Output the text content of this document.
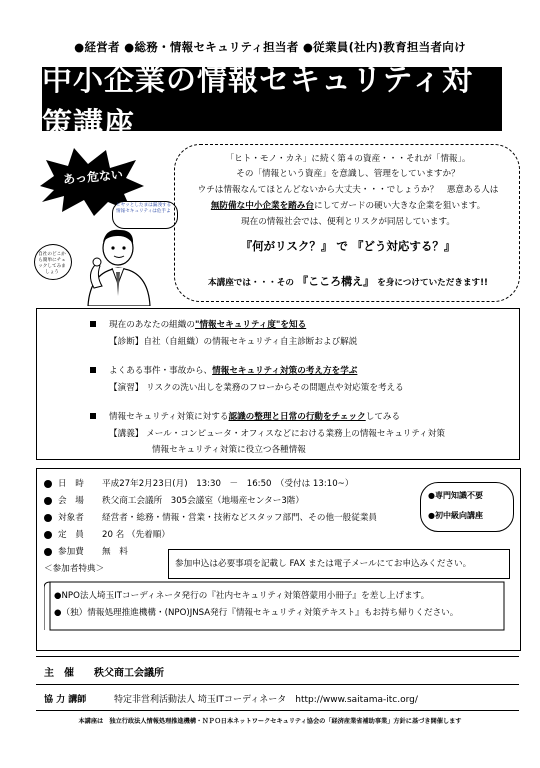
●経営者 ●総務・情報セキュリティ担当者 ●従業員(社内)教育担当者向け
中小企業の情報セキュリティ対策講座
あっ危ない
ヒヤッとしたまは漏洩する情報セキュリティは危手よ
自社のどこから簡単にチェックしてみましょう
「ヒト・モノ・カネ」に続く第４の資産・・・それが「情報」。
その「情報という資産」を意識し、管理をしていますか？
ウチは情報なんてほとんどないから大丈夫・・・でしょうか？　悪意ある人は
無防備な中小企業を踏み台にしてガードの硬い大きな企業を狙います。
現在の情報社会では、便利とリスクが同居しています。
『何がリスク？』 で 『どう対応する？』
本講座では・・・その　 『こころ構え』　 を身につけていただきます!!
現在のあなたの組織の"情報セキュリティ度"を知る
【診断】自社（自組織）の情報セキュリティ自主診断および解説
よくある事件・事故から、情報セキュリティ対策の考え方を学ぶ
【演習】 リスクの洗い出しを業務のフローからその問題点や対応策を考える
情報セキュリティ対策に対する認識の整理と日常の行動をチェックしてみる
【講義】 メール・コンピュータ・オフィスなどにおける業務上の情報セキュリティ対策
情報セキュリティ対策に役立つ各種情報
日　時 平成27年2月23日(月)　13:30　－　16:50　（受付は 13:10~）
会　場 秩父商工会議所　305会議室（地場産センター3階）
対象者 経営者・総務・情報・営業・技術などスタッフ部門、その他一般従業員
定　員 20 名 （先着順）
参加費 無　料
＜参加者特典＞
●専門知識不要
●初中級向講座
参加申込は必要事項を記載し FAX または電子メールにてお申込みください。
●NPO法人埼玉ITコーディネータ発行の『社内セキュリティ対策啓蒙用小冊子』を差し上げます。
●（独）情報処理推進機構・(NPO)JNSA発行『情報セキュリティ対策テキスト』もお持ち帰りください。
主　催 秩父商工会議所
協 力 講師	特定非営利活動法人 埼玉ITコーディネータ　http://www.saitama-itc.org/
本講座は　独立行政法人情報処理推進機構・ＮＰＯ日本ネットワークセキュリティ協会の「経済産業省補助事業」方針に基づき開催します
